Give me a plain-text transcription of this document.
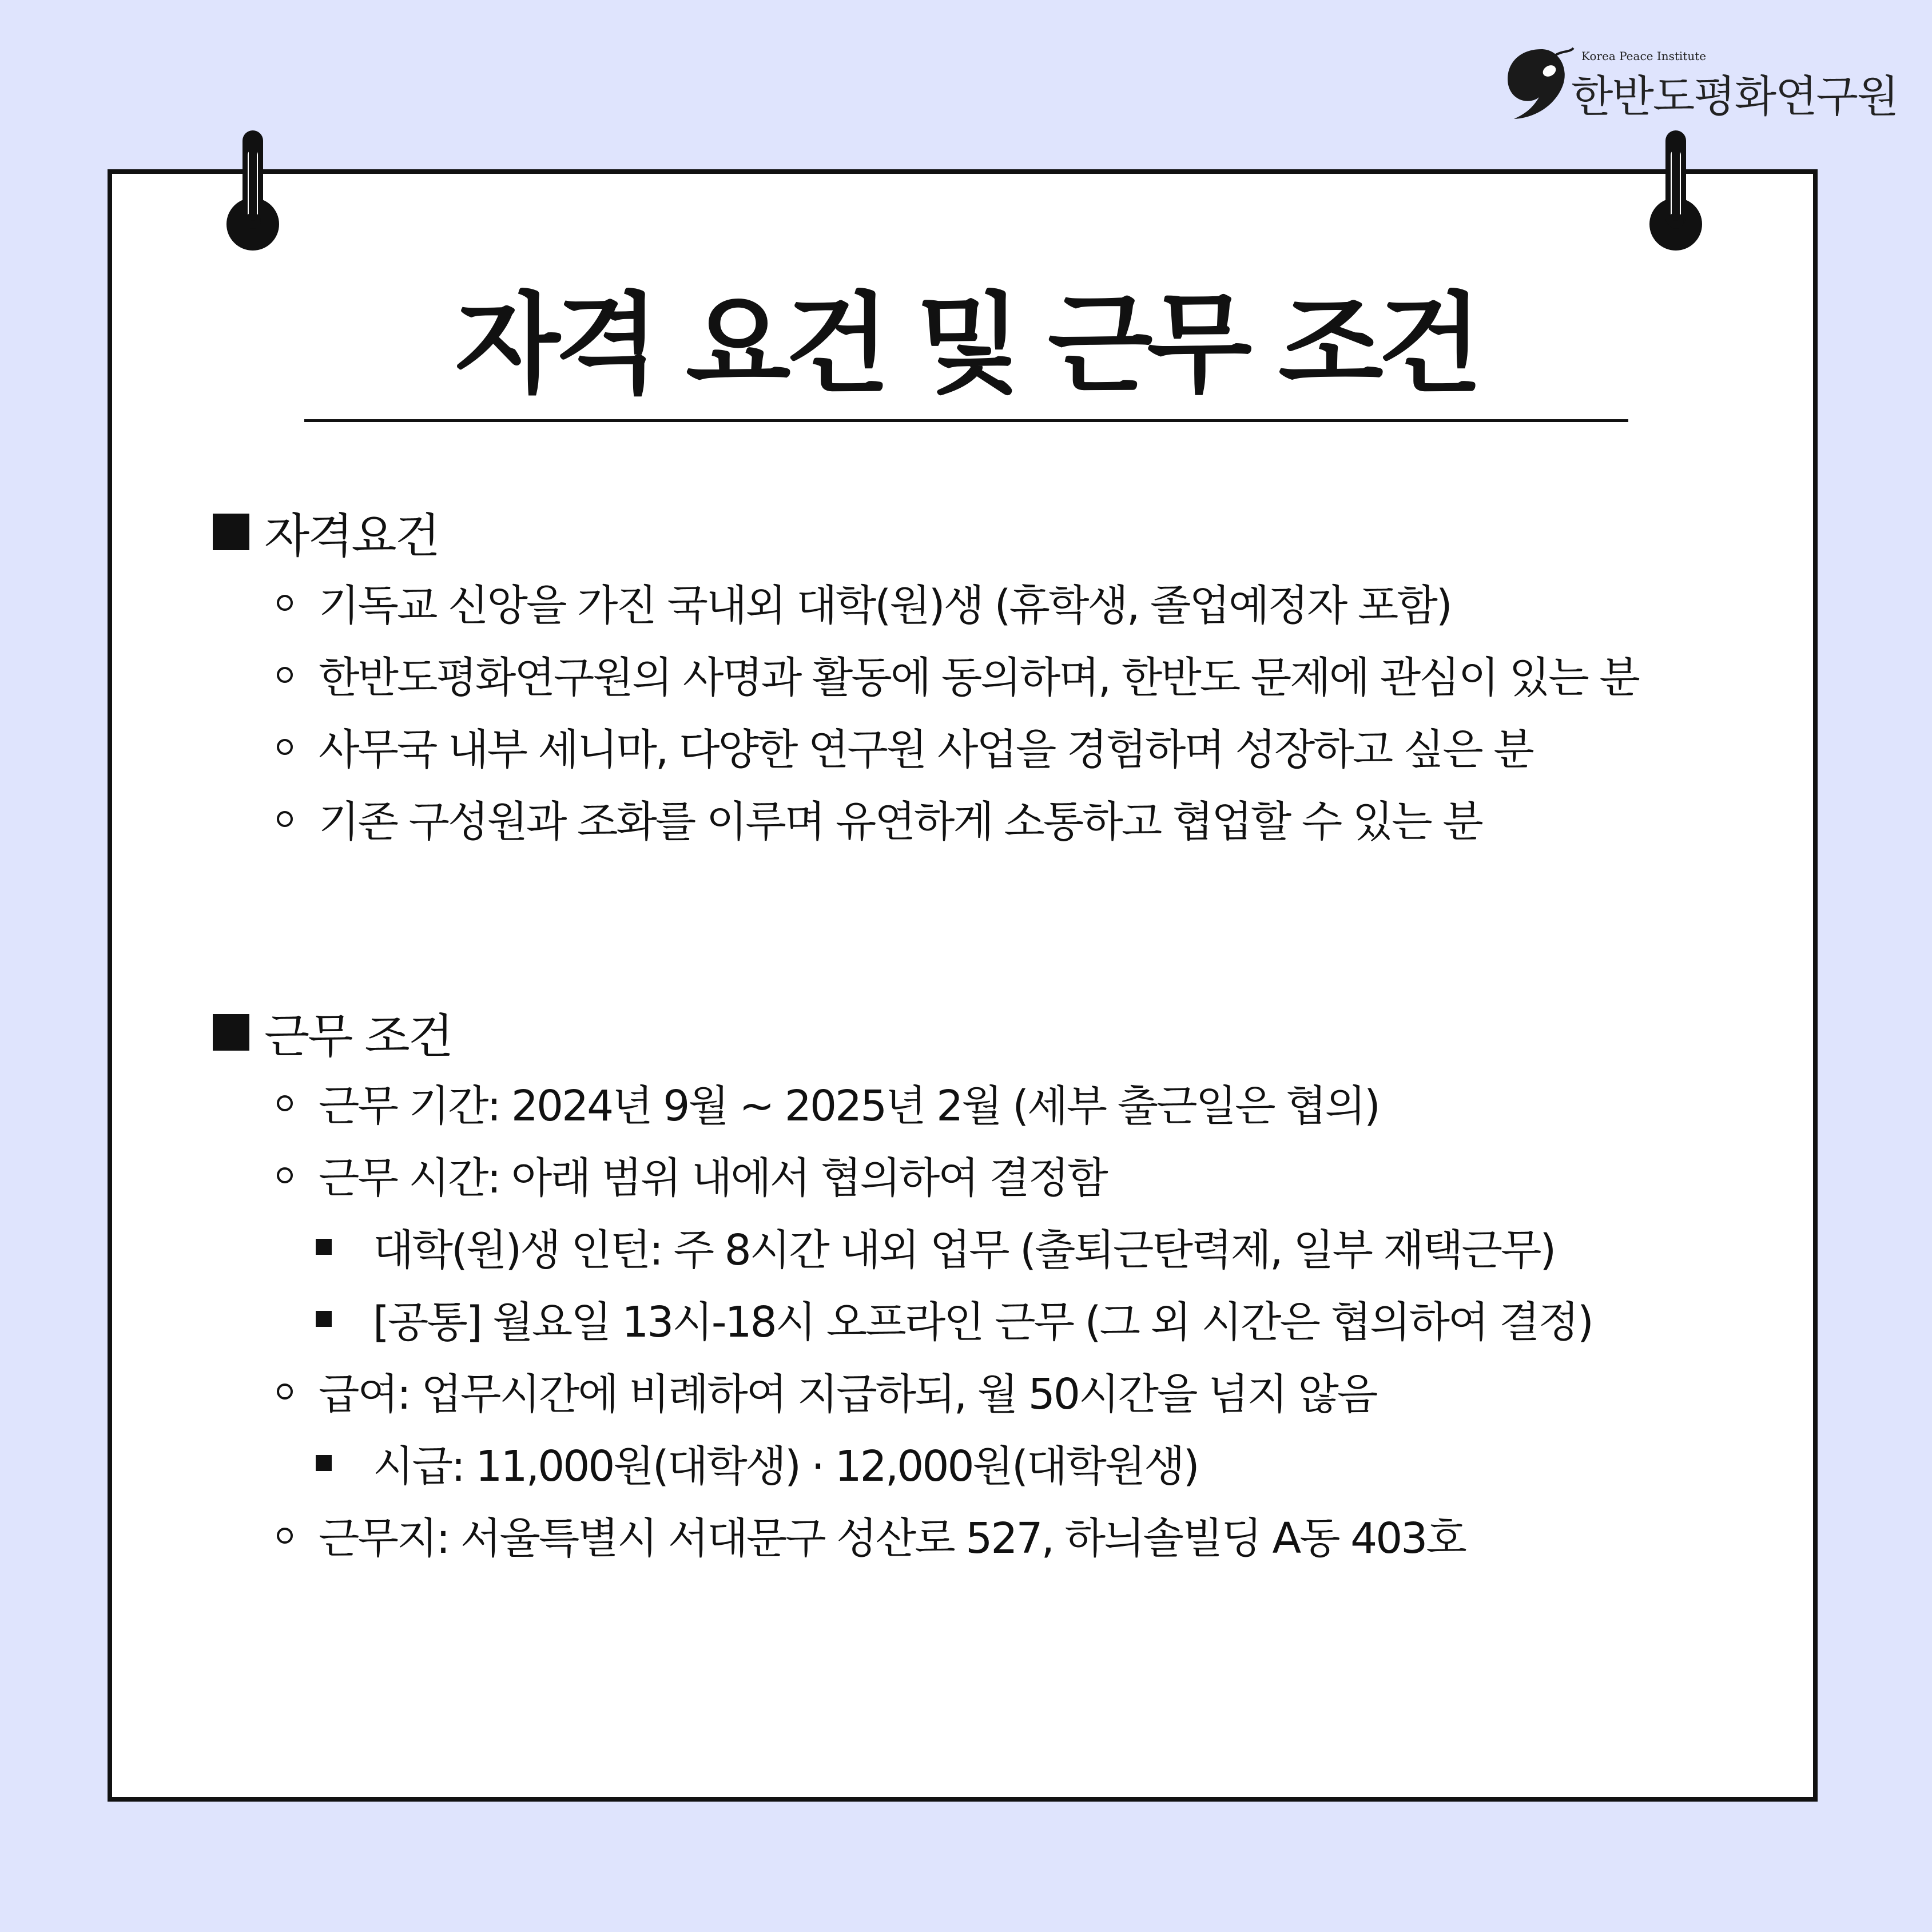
Korea Peace Institute
한반도평화연구원
자격 요건 및 근무 조건
자격요건
기독교 신앙을 가진 국내외 대학(원)생 (휴학생, 졸업예정자 포함)
한반도평화연구원의 사명과 활동에 동의하며, 한반도 문제에 관심이 있는 분
사무국 내부 세니마, 다양한 연구원 사업을 경험하며 성장하고 싶은 분
기존 구성원과 조화를 이루며 유연하게 소통하고 협업할 수 있는 분
근무 조건
근무 기간: 2024년 9월 ~ 2025년 2월 (세부 출근일은 협의)
근무 시간: 아래 범위 내에서 협의하여 결정함
대학(원)생 인턴: 주 8시간 내외 업무 (출퇴근탄력제, 일부 재택근무)
[공통] 월요일 13시-18시 오프라인 근무 (그 외 시간은 협의하여 결정)
급여: 업무시간에 비례하여 지급하되, 월 50시간을 넘지 않음
시급: 11,000원(대학생) · 12,000원(대학원생)
근무지: 서울특별시 서대문구 성산로 527, 하늬솔빌딩 A동 403호
